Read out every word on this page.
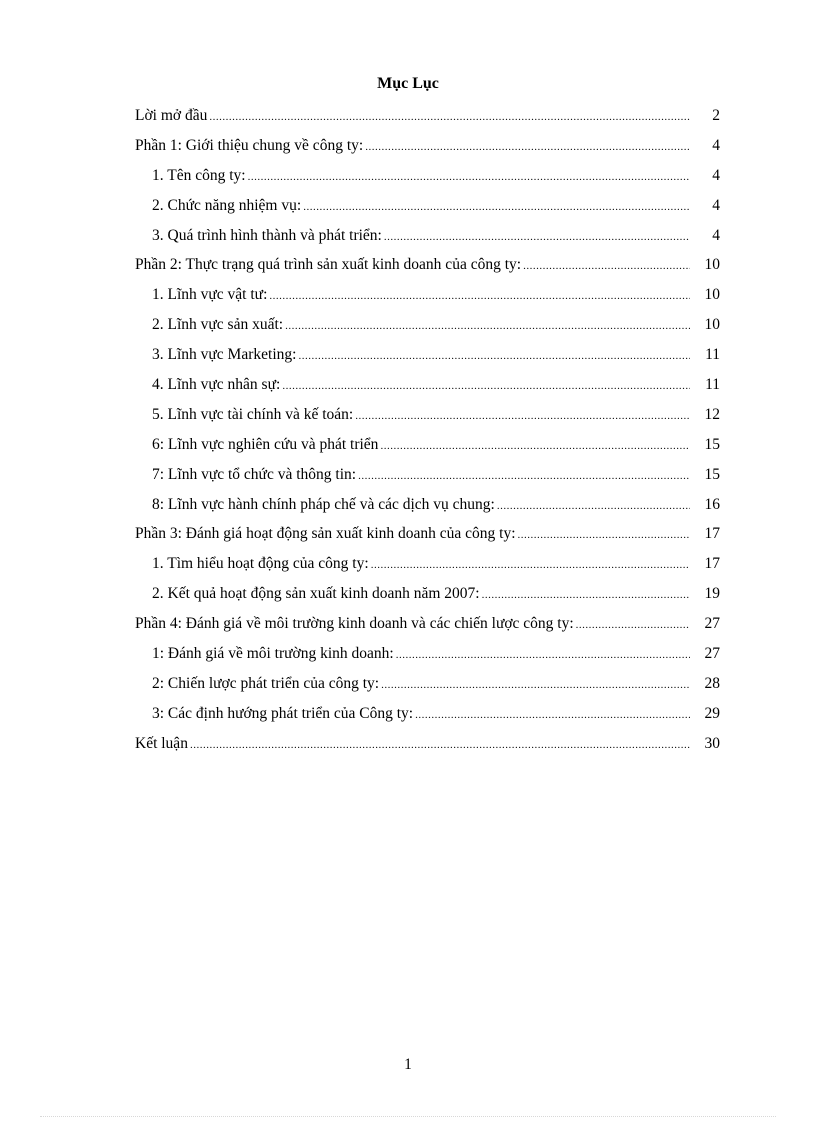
Mục Lục
Lời mở đầu .....	2
Phần 1: Giới thiệu chung về công ty: .....	4
1. Tên công ty: .....	4
2. Chức năng nhiệm vụ: .....	4
3. Quá trình hình thành và phát triển: .....	4
Phần 2: Thực trạng quá trình sản xuất kinh doanh của công ty: .....	10
1. Lĩnh vực vật tư: .....	10
2. Lĩnh vực sản xuất: .....	10
3. Lĩnh vực Marketing: .....	11
4. Lĩnh vực nhân sự: .....	11
5. Lĩnh vực tài chính và kế toán: .....	12
6: Lĩnh vực nghiên cứu và phát triển .....	15
7: Lĩnh vực tổ chức và thông tin: .....	15
8: Lĩnh vực hành chính pháp chế và các dịch vụ chung: .....	16
Phần 3: Đánh giá hoạt động sản xuất kinh doanh của công ty: .....	17
1. Tìm hiểu hoạt động của công ty: .....	17
2. Kết quả hoạt động sản xuất kinh doanh năm 2007: .....	19
Phần 4: Đánh giá về môi trường kinh doanh và các chiến lược công ty: .....	27
1: Đánh giá về môi trường kinh doanh: .....	27
2: Chiến lược phát triển của công ty: .....	28
3: Các định hướng phát triển của Công ty: .....	29
Kết luận .....	30

1
